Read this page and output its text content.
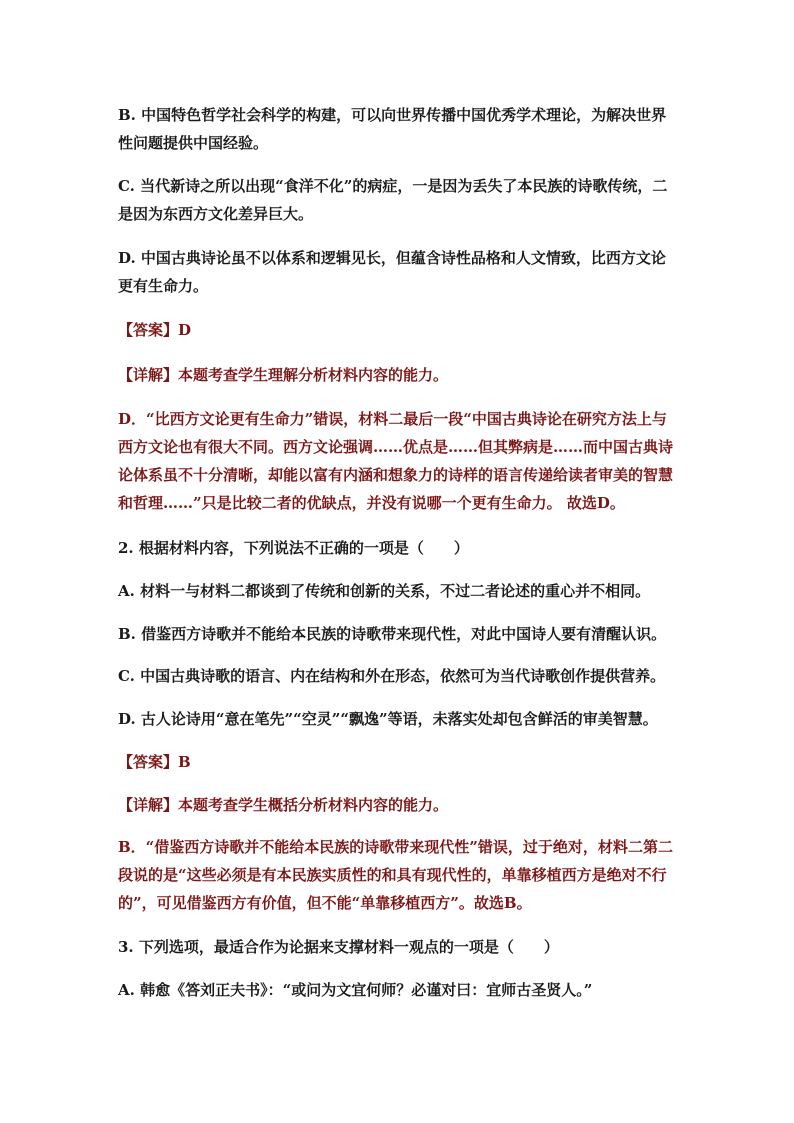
B. 中国特色哲学社会科学的构建，可以向世界传播中国优秀学术理论，为解决世界性问题提供中国经验。

C. 当代新诗之所以出现“食洋不化”的病症，一是因为丢失了本民族的诗歌传统，二是因为东西方文化差异巨大。

D. 中国古典诗论虽不以体系和逻辑见长，但蕴含诗性品格和人文情致，比西方文论更有生命力。

【答案】D

【详解】本题考查学生理解分析材料内容的能力。

D．“比西方文论更有生命力”错误，材料二最后一段“中国古典诗论在研究方法上与西方文论也有很大不同。西方文论强调……优点是……但其弊病是……而中国古典诗论体系虽不十分清晰，却能以富有内涵和想象力的诗样的语言传递给读者审美的智慧和哲理……”只是比较二者的优缺点，并没有说哪一个更有生命力。 故选D。

2. 根据材料内容，下列说法不正确的一项是（　　）

A. 材料一与材料二都谈到了传统和创新的关系，不过二者论述的重心并不相同。

B. 借鉴西方诗歌并不能给本民族的诗歌带来现代性，对此中国诗人要有清醒认识。

C. 中国古典诗歌的语言、内在结构和外在形态，依然可为当代诗歌创作提供营养。

D. 古人论诗用“意在笔先”“空灵”“飘逸”等语，未落实处却包含鲜活的审美智慧。

【答案】B

【详解】本题考查学生概括分析材料内容的能力。

B．“借鉴西方诗歌并不能给本民族的诗歌带来现代性”错误，过于绝对，材料二第二段说的是“这些必须是有本民族实质性的和具有现代性的，单靠移植西方是绝对不行的”，可见借鉴西方有价值，但不能“单靠移植西方”。故选B。

3. 下列选项，最适合作为论据来支撑材料一观点的一项是（　　）

A. 韩愈《答刘正夫书》：“或问为文宜何师？必谨对曰：宜师古圣贤人。”
